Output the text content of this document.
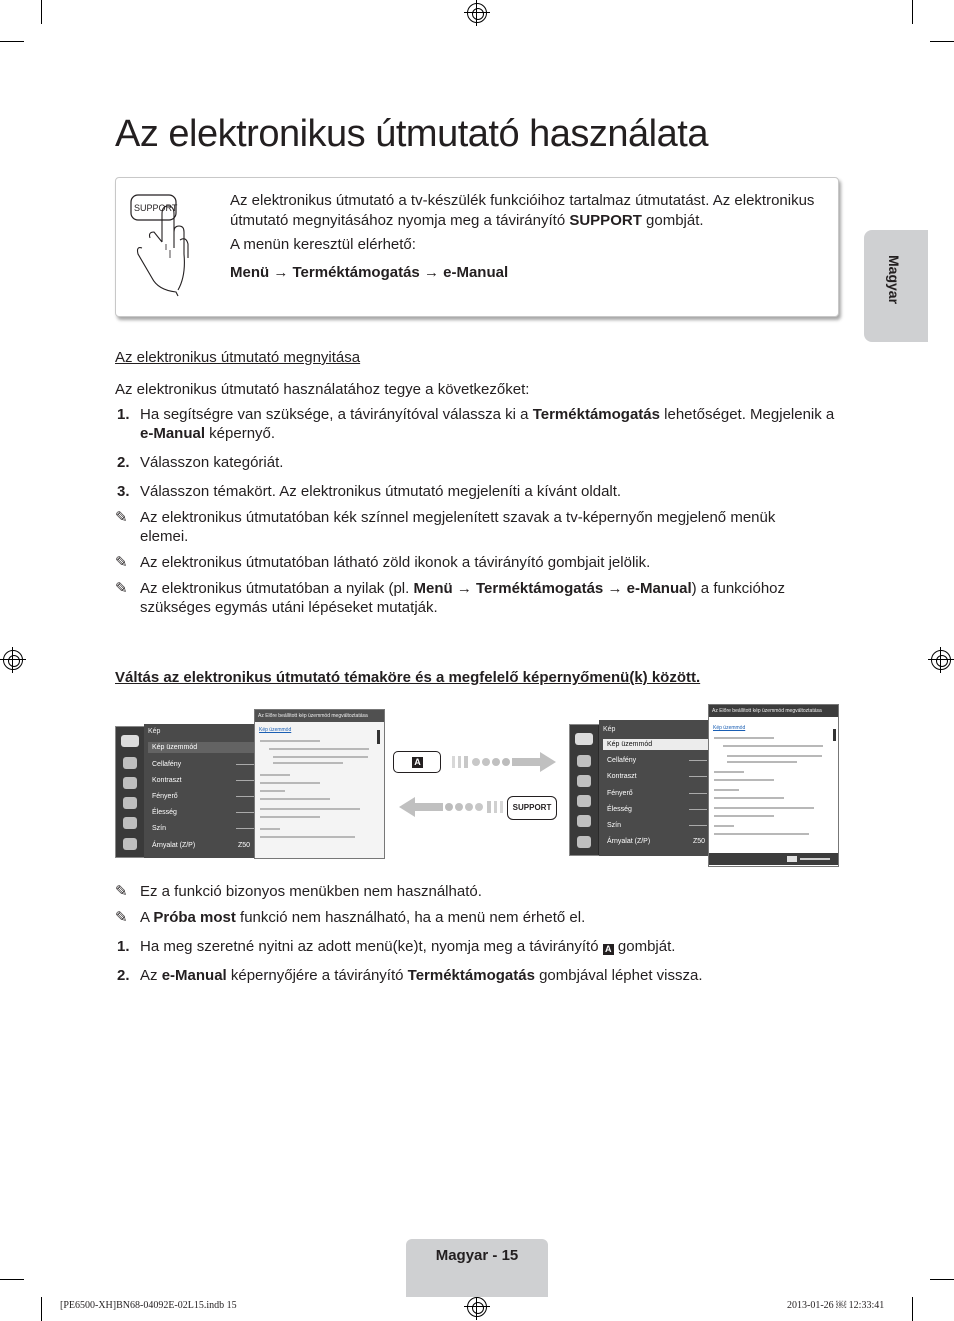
Az elektronikus útmutató használata
SUPPORT	Az elektronikus útmutató a tv-készülék funkcióihoz tartalmaz útmutatást. Az elektronikus útmutató megnyitásához nyomja meg a távirányító SUPPORT gombját.

A menün keresztül elérhető:

Menü → Terméktámogatás → e-Manual	Magyar
Az elektronikus útmutató megnyitása
Az elektronikus útmutató használatához tegye a következőket:
1. Ha segítségre van szüksége, a távirányítóval válassza ki a Terméktámogatás lehetőséget. Megjelenik a e-Manual képernyő.
2. Válasszon kategóriát.
3. Válasszon témakört. Az elektronikus útmutató megjeleníti a kívánt oldalt.
✎ Az elektronikus útmutatóban kék színnel megjelenített szavak a tv-képernyőn megjelenő menük elemei.
✎ Az elektronikus útmutatóban látható zöld ikonok a távirányító gombjait jelölik.
✎ Az elektronikus útmutatóban a nyilak (pl. Menü → Terméktámogatás → e-Manual) a funkcióhoz szükséges egymás utáni lépéseket mutatják.
Váltás az elektronikus útmutató témaköre és a megfelelő képernyőmenü(k) között.
Kép
Kép üzemmód
Cellafény
Kontraszt
Fényerő
Élesség
Szín
Árnyalat (Z/P)	Z50
Az Előre beállított kép üzemmód megváltoztatása
Kép üzemmód
A
SUPPORT
Kép
Kép üzemmód
Cellafény
Kontraszt
Fényerő
Élesség
Szín
Árnyalat (Z/P)	Z50
Az Előre beállított kép üzemmód megváltoztatása
Kép üzemmód
✎ Ez a funkció bizonyos menükben nem használható.
✎ A Próba most funkció nem használható, ha a menü nem érhető el.
1. Ha meg szeretné nyitni az adott menü(ke)t, nyomja meg a távirányító A gombját.
2. Az e-Manual képernyőjére a távirányító Terméktámogatás gombjával léphet vissza.
Magyar - 15
[PE6500-XH]BN68-04092E-02L15.indb 15	2013-01-26 ￼ 12:33:41
